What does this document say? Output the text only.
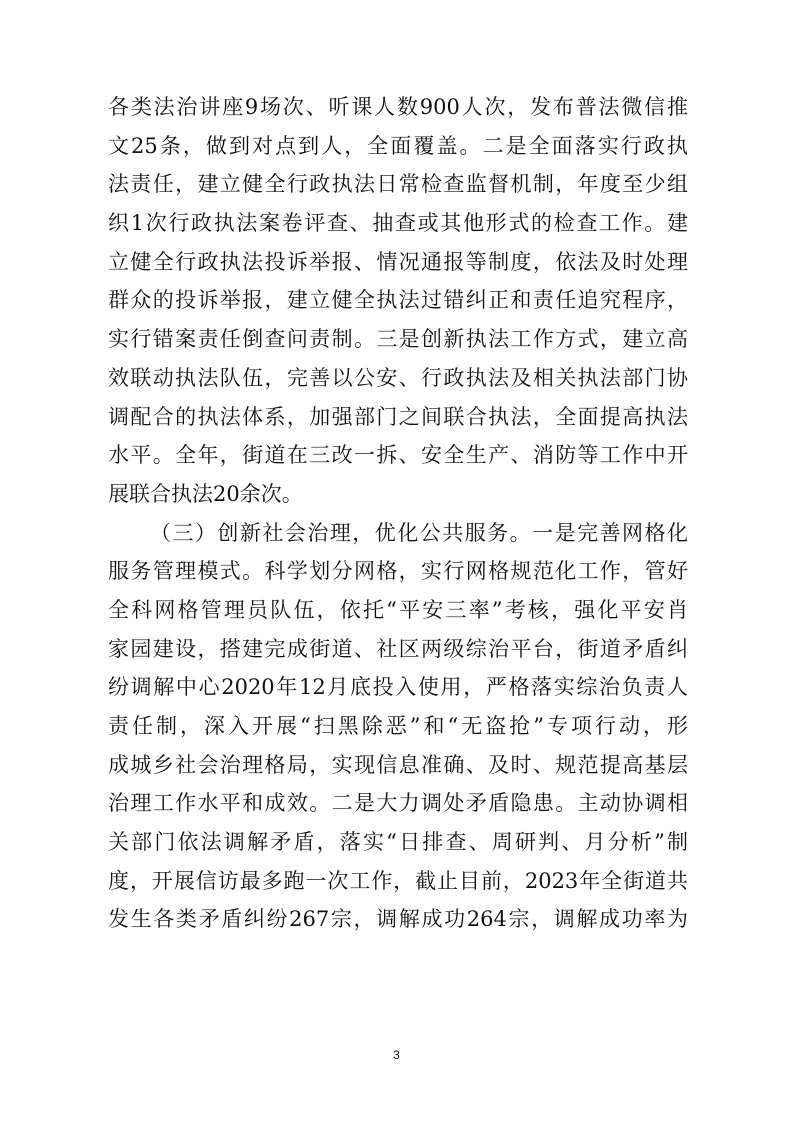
各类法治讲座9场次、听课人数900人次，发布普法微信推
文25条，做到对点到人，全面覆盖。二是全面落实行政执
法责任，建立健全行政执法日常检查监督机制，年度至少组
织1次行政执法案卷评查、抽查或其他形式的检查工作。建
立健全行政执法投诉举报、情况通报等制度，依法及时处理
群众的投诉举报，建立健全执法过错纠正和责任追究程序，
实行错案责任倒查问责制。三是创新执法工作方式，建立高
效联动执法队伍，完善以公安、行政执法及相关执法部门协
调配合的执法体系，加强部门之间联合执法，全面提高执法
水平。全年，街道在三改一拆、安全生产、消防等工作中开
展联合执法20余次。
（三）创新社会治理，优化公共服务。一是完善网格化
服务管理模式。科学划分网格，实行网格规范化工作，管好
全科网格管理员队伍，依托“平安三率”考核，强化平安肖
家园建设，搭建完成街道、社区两级综治平台，街道矛盾纠
纷调解中心2020年12月底投入使用，严格落实综治负责人
责任制，深入开展“扫黑除恶”和“无盗抢”专项行动，形
成城乡社会治理格局，实现信息准确、及时、规范提高基层
治理工作水平和成效。二是大力调处矛盾隐患。主动协调相
关部门依法调解矛盾，落实“日排查、周研判、月分析”制
度，开展信访最多跑一次工作，截止目前，2023年全街道共
发生各类矛盾纠纷267宗，调解成功264宗，调解成功率为
3
